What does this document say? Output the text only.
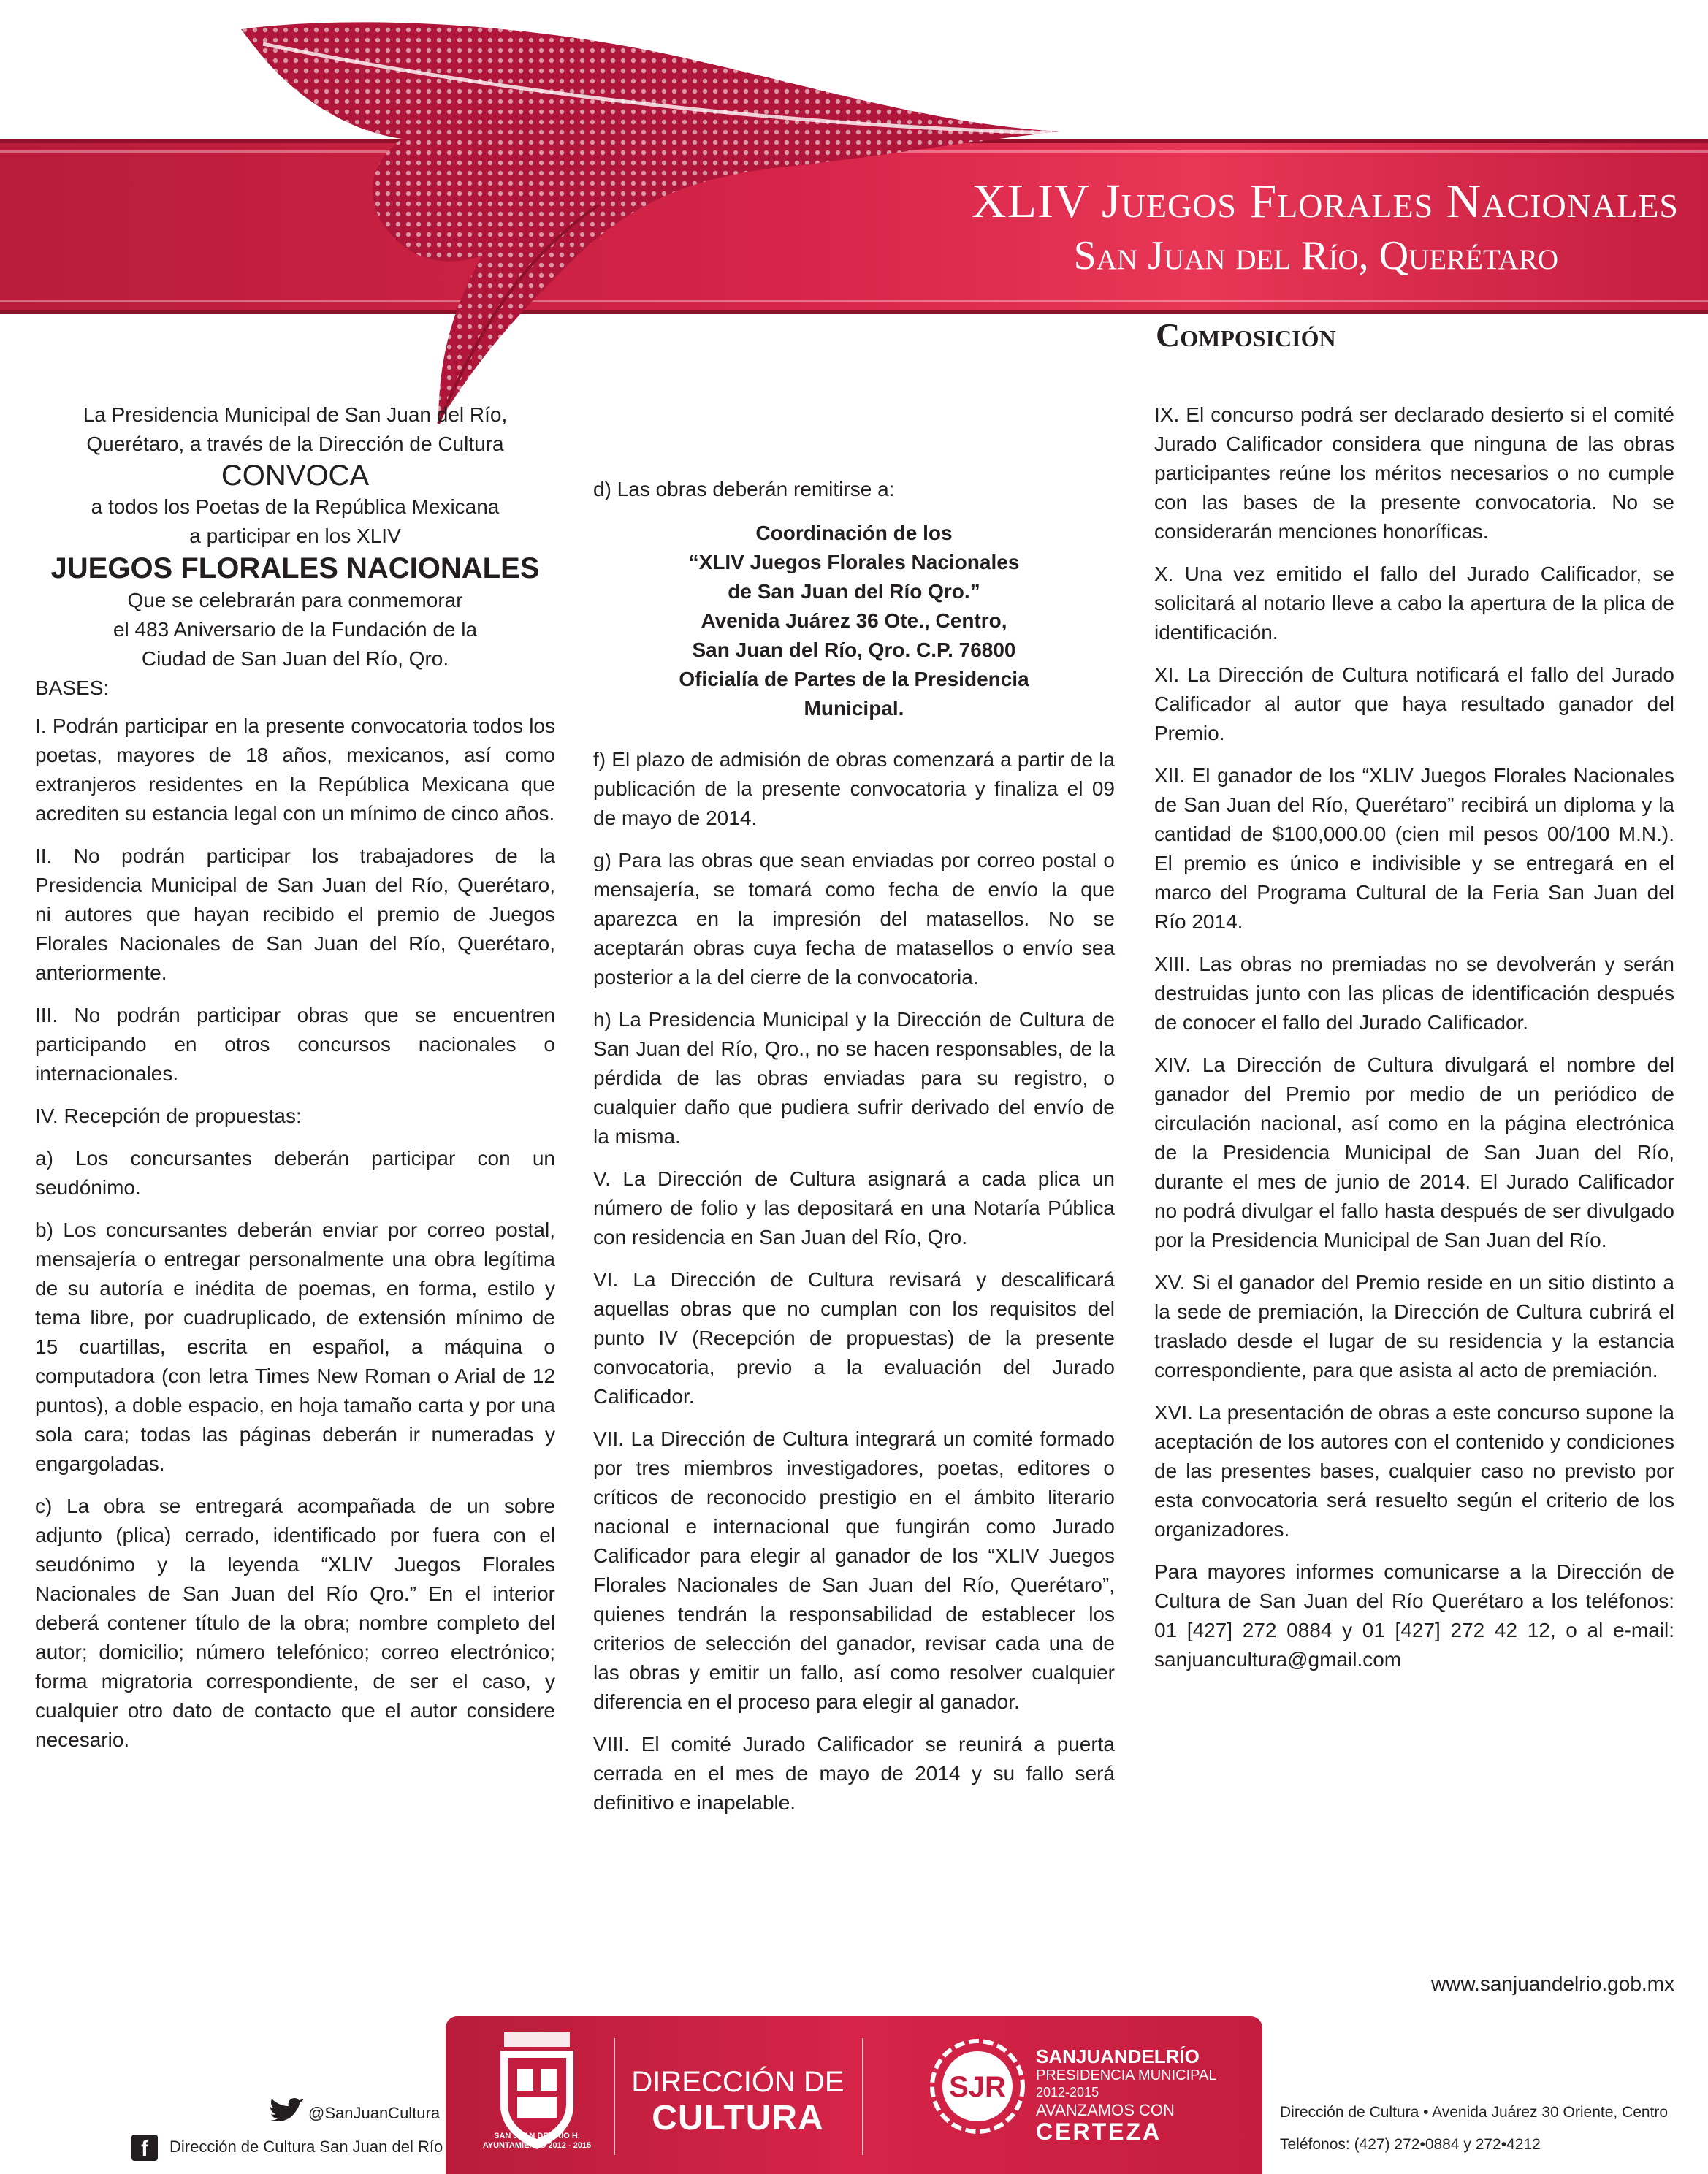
XLIV Juegos Florales Nacionales
San Juan del Río, Querétaro
Composición
La Presidencia Municipal de San Juan del Río,
Querétaro, a través de la Dirección de Cultura
CONVOCA
a todos los Poetas de la República Mexicana
a participar en los XLIV
JUEGOS FLORALES NACIONALES
Que se celebrarán para conmemorar
el 483 Aniversario de la Fundación de la
Ciudad de San Juan del Río, Qro.
BASES:

I. Podrán participar en la presente convocatoria todos los poetas, mayores de 18 años, mexicanos, así como extranjeros residentes en la República Mexicana que acrediten su estancia legal con un mínimo de cinco años.

II. No podrán participar los trabajadores de la Presidencia Municipal de San Juan del Río, Querétaro, ni autores que hayan recibido el premio de Juegos Florales Nacionales de San Juan del Río, Querétaro, anteriormente.

III. No podrán participar obras que se encuentren participando en otros concursos nacionales o internacionales.

IV. Recepción de propuestas:

a) Los concursantes deberán participar con un seudónimo.

b) Los concursantes deberán enviar por correo postal, mensajería o entregar personalmente una obra legítima de su autoría e inédita de poemas, en forma, estilo y tema libre, por cuadruplicado, de extensión mínimo de 15 cuartillas, escrita en español, a máquina o computadora (con letra Times New Roman o Arial de 12 puntos), a doble espacio, en hoja tamaño carta y por una sola cara; todas las páginas deberán ir numeradas y engargoladas.

c) La obra se entregará acompañada de un sobre adjunto (plica) cerrado, identificado por fuera con el seudónimo y la leyenda “XLIV Juegos Florales Nacionales de San Juan del Río Qro.” En el interior deberá contener título de la obra; nombre completo del autor; domicilio; número telefónico; correo electrónico; forma migratoria correspondiente, de ser el caso, y cualquier otro dato de contacto que el autor considere necesario.

d) Las obras deberán remitirse a:

Coordinación de los
“XLIV Juegos Florales Nacionales
de San Juan del Río Qro.”
Avenida Juárez 36 Ote., Centro,
San Juan del Río, Qro. C.P. 76800
Oficialía de Partes de la Presidencia
Municipal.

f) El plazo de admisión de obras comenzará a partir de la publicación de la presente convocatoria y finaliza el 09 de mayo de 2014.

g) Para las obras que sean enviadas por correo postal o mensajería, se tomará como fecha de envío la que aparezca en la impresión del matasellos. No se aceptarán obras cuya fecha de matasellos o envío sea posterior a la del cierre de la convocatoria.

h) La Presidencia Municipal y la Dirección de Cultura de San Juan del Río, Qro., no se hacen responsables, de la pérdida de las obras enviadas para su registro, o cualquier daño que pudiera sufrir derivado del envío de la misma.

V. La Dirección de Cultura asignará a cada plica un número de folio y las depositará en una Notaría Pública con residencia en San Juan del Río, Qro.

VI. La Dirección de Cultura revisará y descalificará aquellas obras que no cumplan con los requisitos del punto IV (Recepción de propuestas) de la presente convocatoria, previo a la evaluación del Jurado Calificador.

VII. La Dirección de Cultura integrará un comité formado por tres miembros investigadores, poetas, editores o críticos de reconocido prestigio en el ámbito literario nacional e internacional que fungirán como Jurado Calificador para elegir al ganador de los “XLIV Juegos Florales Nacionales de San Juan del Río, Querétaro”, quienes tendrán la responsabilidad de establecer los criterios de selección del ganador, revisar cada una de las obras y emitir un fallo, así como resolver cualquier diferencia en el proceso para elegir al ganador.

VIII. El comité Jurado Calificador se reunirá a puerta cerrada en el mes de mayo de 2014 y su fallo será definitivo e inapelable.

IX. El concurso podrá ser declarado desierto si el comité Jurado Calificador considera que ninguna de las obras participantes reúne los méritos necesarios o no cumple con las bases de la presente convocatoria. No se considerarán menciones honoríficas.

X. Una vez emitido el fallo del Jurado Calificador, se solicitará al notario lleve a cabo la apertura de la plica de identificación.

XI. La Dirección de Cultura notificará el fallo del Jurado Calificador al autor que haya resultado ganador del Premio.

XII. El ganador de los “XLIV Juegos Florales Nacionales de San Juan del Río, Querétaro” recibirá un diploma y la cantidad de $100,000.00 (cien mil pesos 00/100 M.N.). El premio es único e indivisible y se entregará en el marco del Programa Cultural de la Feria San Juan del Río 2014.

XIII. Las obras no premiadas no se devolverán y serán destruidas junto con las plicas de identificación después de conocer el fallo del Jurado Calificador.

XIV. La Dirección de Cultura divulgará el nombre del ganador del Premio por medio de un periódico de circulación nacional, así como en la página electrónica de la Presidencia Municipal de San Juan del Río, durante el mes de junio de 2014. El Jurado Calificador no podrá divulgar el fallo hasta después de ser divulgado por la Presidencia Municipal de San Juan del Río.

XV. Si el ganador del Premio reside en un sitio distinto a la sede de premiación, la Dirección de Cultura cubrirá el traslado desde el lugar de su residencia y la estancia correspondiente, para que asista al acto de premiación.

XVI. La presentación de obras a este concurso supone la aceptación de los autores con el contenido y condiciones de las presentes bases, cualquier caso no previsto por esta convocatoria será resuelto según el criterio de los organizadores.

Para mayores informes comunicarse a la Dirección de Cultura de San Juan del Río Querétaro a los teléfonos: 01 [427] 272 0884 y 01 [427] 272 42 12, o al e-mail: sanjuancultura@gmail.com

www.sanjuandelrio.gob.mx
SAN JUAN DEL RÍO H. AYUNTAMIENTO 2012 - 2015
DIRECCIÓN DE
CULTURA
SJR
SANJUANDELRÍO
PRESIDENCIA MUNICIPAL
2012-2015
AVANZAMOS CON
CERTEZA
@SanJuanCultura
f	Dirección de Cultura San Juan del Río
Dirección de Cultura • Avenida Juárez 30 Oriente, Centro
Teléfonos: (427) 272•0884 y 272•4212
